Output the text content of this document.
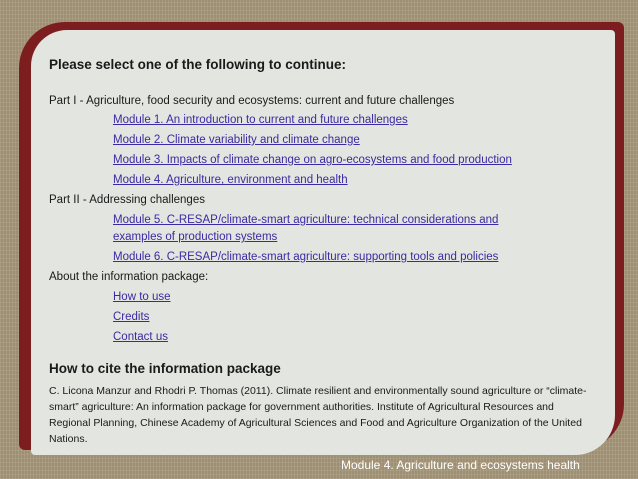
Please select one of the following to continue:
Part I - Agriculture, food security and ecosystems: current and future challenges
Module 1. An introduction to current and future challenges
Module 2. Climate variability and climate change
Module 3. Impacts of climate change on agro-ecosystems and food production
Module 4. Agriculture, environment and health
Part II - Addressing challenges
Module 5. C-RESAP/climate-smart agriculture: technical considerations and
examples of production systems
Module 6. C-RESAP/climate-smart agriculture: supporting tools and policies
About the information package:
How to use
Credits
Contact us
How to cite the information package
C. Licona Manzur and Rhodri P. Thomas (2011). Climate resilient and environmentally sound agriculture or “climate-smart” agriculture: An information package for government authorities. Institute of Agricultural Resources and Regional Planning, Chinese Academy of Agricultural Sciences and Food and Agriculture Organization of the United Nations.
Module 4. Agriculture and ecosystems health
